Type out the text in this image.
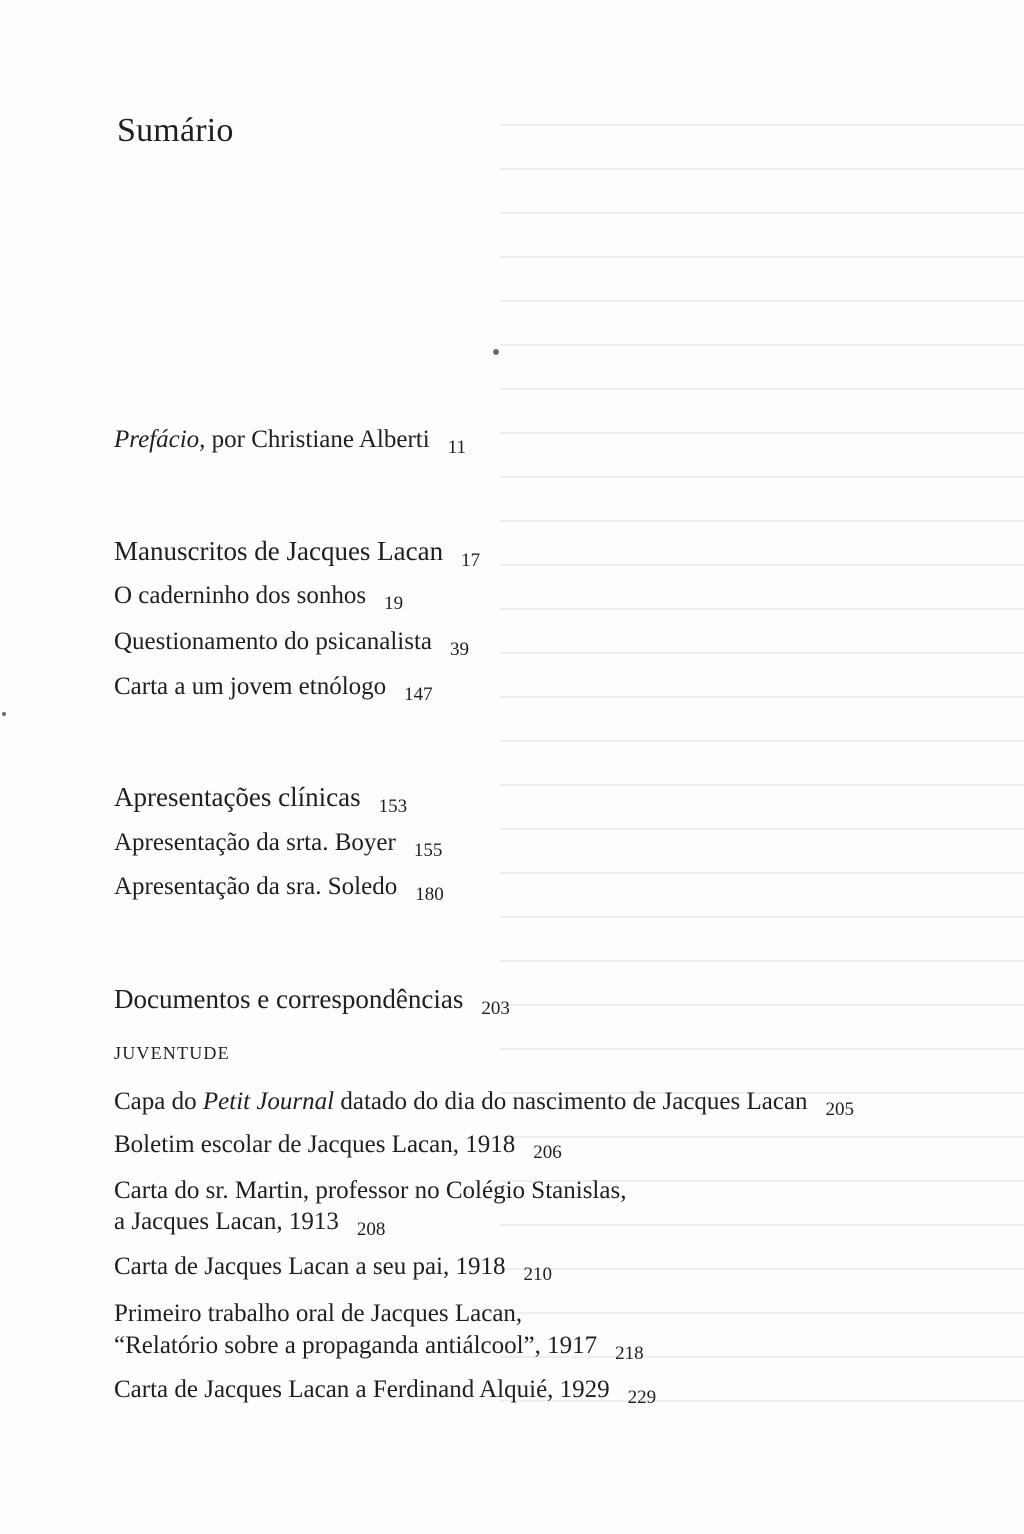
Sumário
Prefácio, por Christiane Alberti $_{11}$
Manuscritos de Jacques Lacan $_{17}$
O caderninho dos sonhos $_{19}$
Questionamento do psicanalista $_{39}$
Carta a um jovem etnólogo $_{147}$
Apresentações clínicas $_{153}$
Apresentação da srta. Boyer $_{155}$
Apresentação da sra. Soledo $_{180}$
Documentos e correspondências $_{203}$
JUVENTUDE
Capa do Petit Journal datado do dia do nascimento de Jacques Lacan $_{205}$
Boletim escolar de Jacques Lacan, 1918 $_{206}$
Carta do sr. Martin, professor no Colégio Stanislas,
a Jacques Lacan, 1913 $_{208}$
Carta de Jacques Lacan a seu pai, 1918 $_{210}$
Primeiro trabalho oral de Jacques Lacan,
“Relatório sobre a propaganda antiálcool”, 1917 $_{218}$
Carta de Jacques Lacan a Ferdinand Alquié, 1929 $_{229}$
